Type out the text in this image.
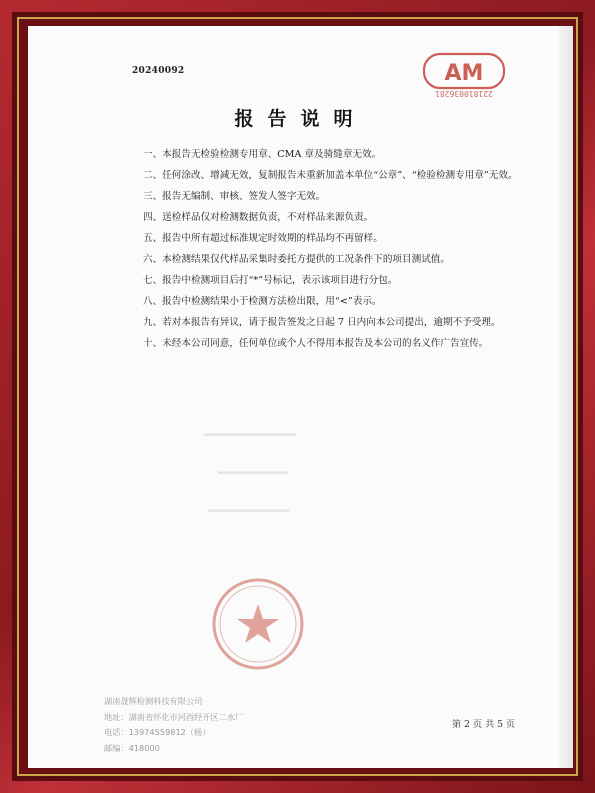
▁▁▁▁▁▁▁▁
▁▁▁▁▁▁
▁▁▁▁▁▁▁
20240092	AM
221810036281
报告说明

一、本报告无检验检测专用章、CMA 章及骑缝章无效。

二、任何涂改、增减无效，复制报告未重新加盖本单位“公章”、“检验检测专用章”无效。

三、报告无编制、审核、签发人签字无效。

四、送检样品仅对检测数据负责，不对样品来源负责。

五、报告中所有超过标准规定时效期的样品均不再留样。

六、本检测结果仅代样品采集时委托方提供的工况条件下的项目测试值。

七、报告中检测项目后打“*”号标记，表示该项目进行分包。

八、报告中检测结果小于检测方法检出限，用“<”表示。

九、若对本报告有异议，请于报告签发之日起 7 日内向本公司提出，逾期不予受理。

十、未经本公司同意，任何单位或个人不得用本报告及本公司的名义作广告宣传。

湖南晟辉检测科技有限公司
地址：湖南省怀化市河西经开区二水厂
电话：13974559812（杨）
邮编：418000
第 2 页 共 5 页
